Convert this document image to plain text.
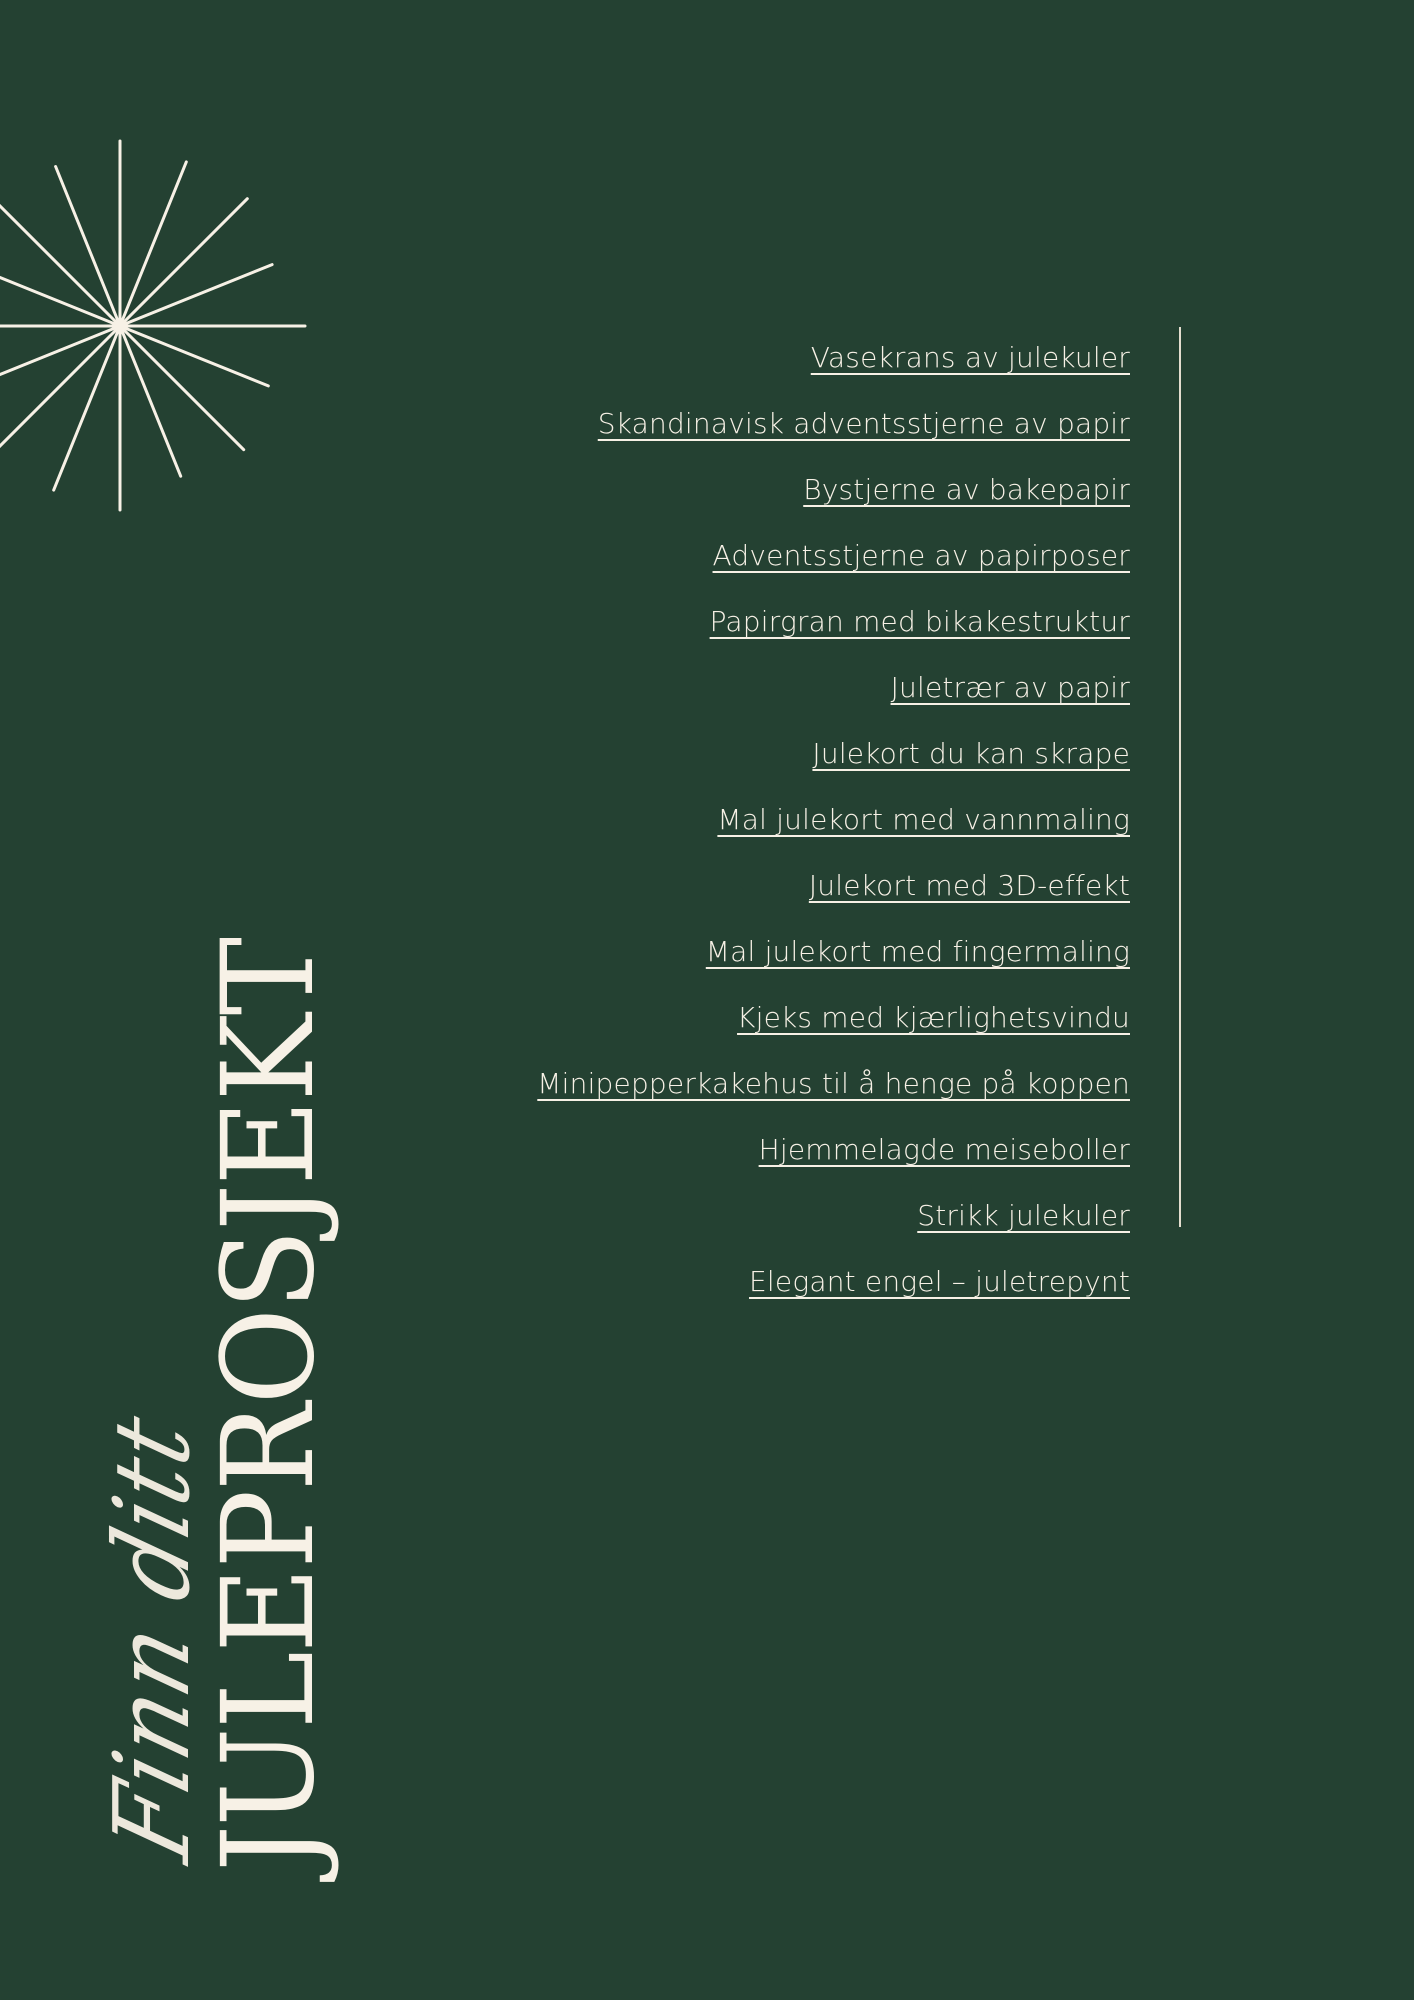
JULEPROSJEKT
Finn ditt
Vasekrans av julekuler
Skandinavisk adventsstjerne av papir
Bystjerne av bakepapir
Adventsstjerne av papirposer
Papirgran med bikakestruktur
Juletrær av papir
Julekort du kan skrape
Mal julekort med vannmaling
Julekort med 3D-effekt
Mal julekort med fingermaling
Kjeks med kjærlighetsvindu
Minipepperkakehus til å henge på koppen
Hjemmelagde meiseboller
Strikk julekuler
Elegant engel – juletrepynt
